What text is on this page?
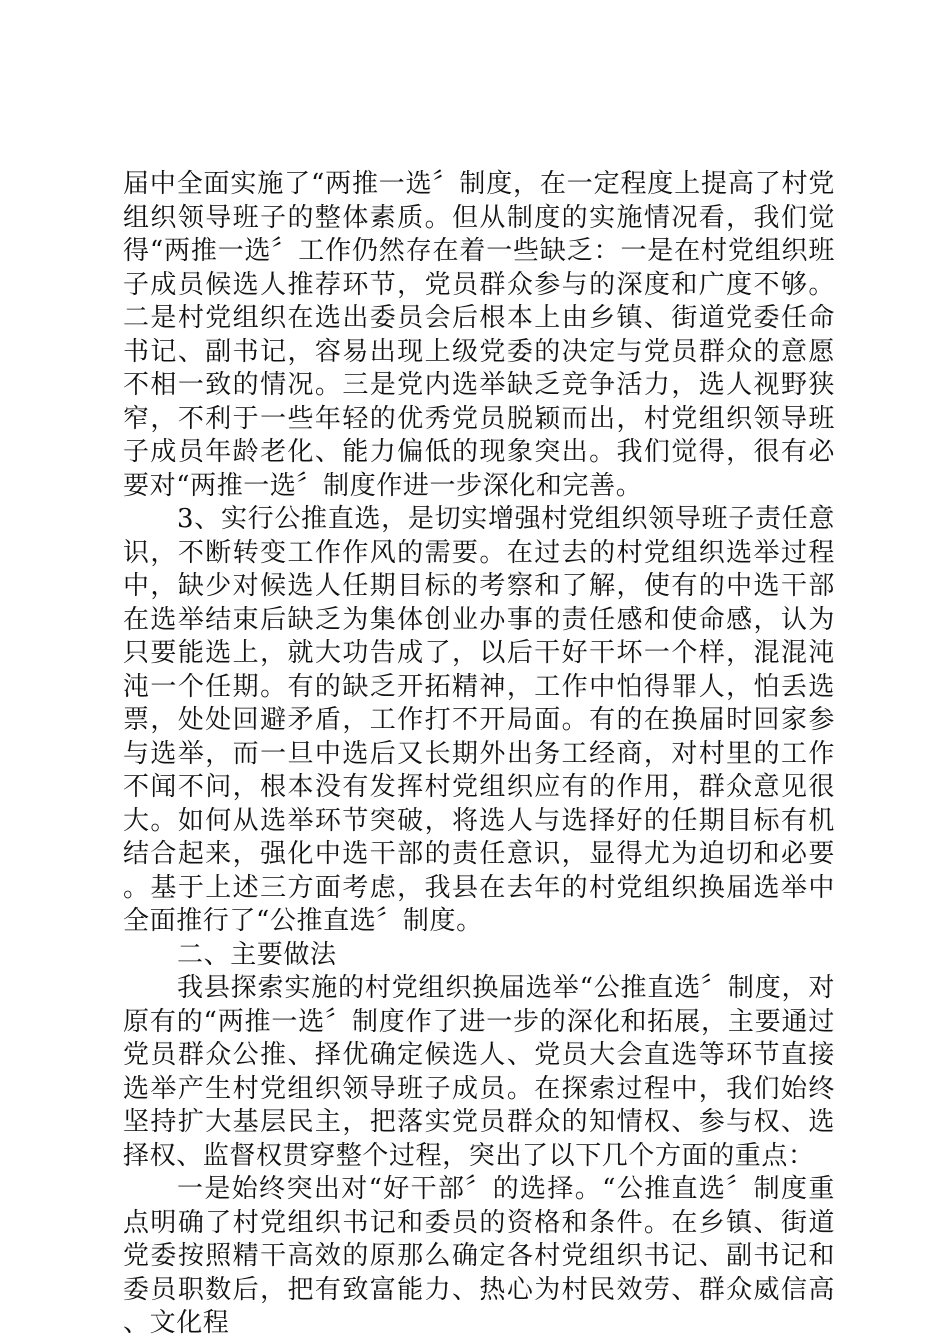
届中全面实施了“两推一选〞制度，在一定程度上提高了村党组织领导班子的整体素质。但从制度的实施情况看，我们觉得“两推一选〞工作仍然存在着一些缺乏：一是在村党组织班子成员候选人推荐环节，党员群众参与的深度和广度不够。二是村党组织在选出委员会后根本上由乡镇、街道党委任命书记、副书记，容易出现上级党委的决定与党员群众的意愿不相一致的情况。三是党内选举缺乏竞争活力，选人视野狭窄，不利于一些年轻的优秀党员脱颖而出，村党组织领导班子成员年龄老化、能力偏低的现象突出。我们觉得，很有必要对“两推一选〞制度作进一步深化和完善。

3、实行公推直选，是切实增强村党组织领导班子责任意识，不断转变工作作风的需要。在过去的村党组织选举过程中，缺少对候选人任期目标的考察和了解，使有的中选干部在选举结束后缺乏为集体创业办事的责任感和使命感，认为只要能选上，就大功告成了，以后干好干坏一个样，混混沌沌一个任期。有的缺乏开拓精神，工作中怕得罪人，怕丢选票，处处回避矛盾，工作打不开局面。有的在换届时回家参与选举，而一旦中选后又长期外出务工经商，对村里的工作不闻不问，根本没有发挥村党组织应有的作用，群众意见很大。如何从选举环节突破，将选人与选择好的任期目标有机结合起来，强化中选干部的责任意识，显得尤为迫切和必要。基于上述三方面考虑，我县在去年的村党组织换届选举中全面推行了“公推直选〞制度。

二、主要做法

我县探索实施的村党组织换届选举“公推直选〞制度，对原有的“两推一选〞制度作了进一步的深化和拓展，主要通过党员群众公推、择优确定候选人、党员大会直选等环节直接选举产生村党组织领导班子成员。在探索过程中，我们始终坚持扩大基层民主，把落实党员群众的知情权、参与权、选择权、监督权贯穿整个过程，突出了以下几个方面的重点：

一是始终突出对“好干部〞的选择。“公推直选〞制度重点明确了村党组织书记和委员的资格和条件。在乡镇、街道党委按照精干高效的原那么确定各村党组织书记、副书记和委员职数后，把有致富能力、热心为村民效劳、群众威信高、文化程
